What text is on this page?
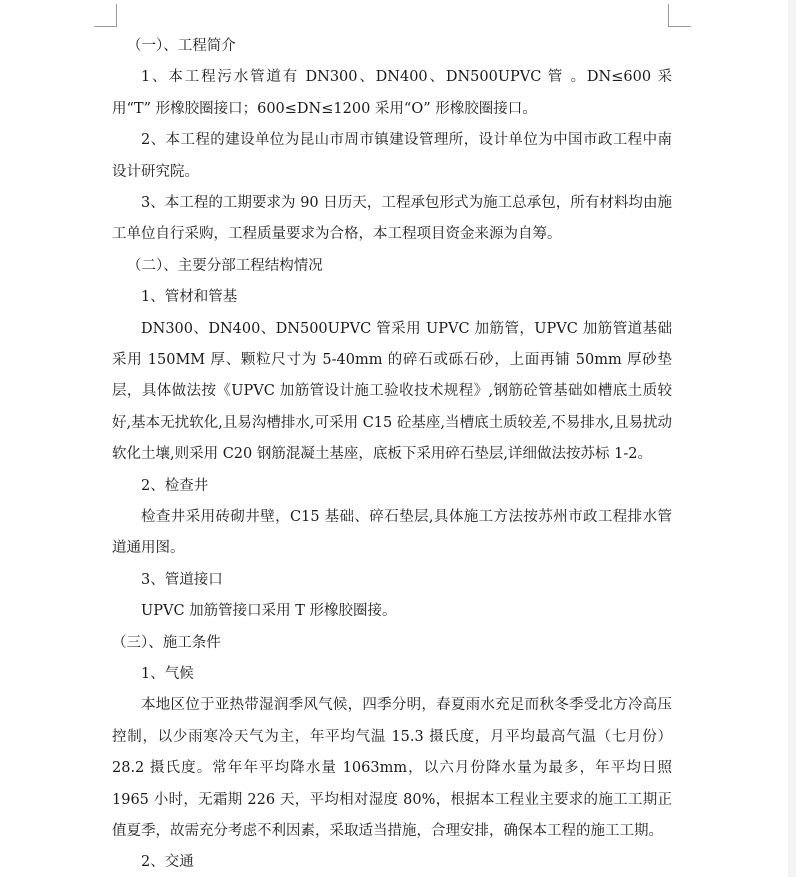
（一）、工程简介
1、本工程污水管道有 DN300、DN400、DN500UPVC 管 。DN≤600 采用“T” 形橡胶圈接口；600≤DN≤1200 采用“O” 形橡胶圈接口。
2、本工程的建设单位为昆山市周市镇建设管理所，设计单位为中国市政工程中南设计研究院。
3、本工程的工期要求为 90 日历天，工程承包形式为施工总承包，所有材料均由施工单位自行采购，工程质量要求为合格，本工程项目资金来源为自筹。
（二）、主要分部工程结构情况
1、管材和管基
DN300、DN400、DN500UPVC 管采用 UPVC 加筋管，UPVC 加筋管道基础采用 150MM 厚、颗粒尺寸为 5-40mm 的碎石或砾石砂，上面再铺 50mm 厚砂垫层，具体做法按《UPVC 加筋管设计施工验收技术规程》,钢筋砼管基础如槽底土质较好,基本无扰软化,且易沟槽排水,可采用 C15 砼基座,当槽底土质较差,不易排水,且易扰动软化土壤,则采用 C20 钢筋混凝土基座，底板下采用碎石垫层,详细做法按苏标 1-2。
2、检查井
检查井采用砖砌井壁，C15 基础、碎石垫层,具体施工方法按苏州市政工程排水管道通用图。
3、管道接口
UPVC 加筋管接口采用 T 形橡胶圈接。
（三）、施工条件
1、气候
本地区位于亚热带湿润季风气候，四季分明，春夏雨水充足而秋冬季受北方冷高压控制，以少雨寒冷天气为主，年平均气温 15.3 摄氏度，月平均最高气温（七月份）28.2 摄氏度。常年年平均降水量 1063mm，以六月份降水量为最多，年平均日照 1965 小时，无霜期 226 天，平均相对湿度 80%，根据本工程业主要求的施工工期正值夏季，故需充分考虑不利因素，采取适当措施，合理安排，确保本工程的施工工期。
2、交通
